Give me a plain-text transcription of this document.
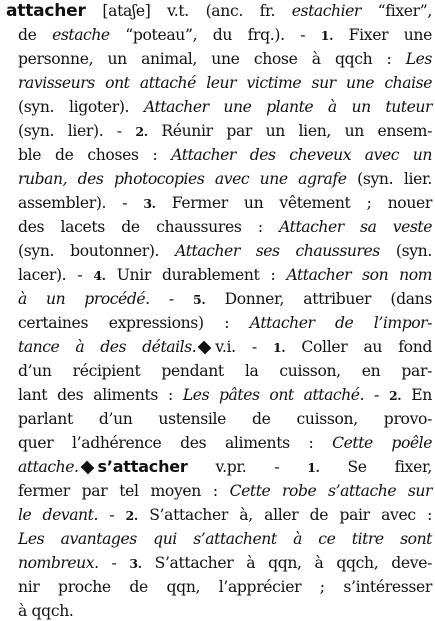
attacher [ataʃe] v.t. (anc. fr. estachier “fixer”,
de estache “poteau”, du frq.). - 1. Fixer une
personne, un animal, une chose à qqch : Les
ravisseurs ont attaché leur victime sur une chaise
(syn. ligoter). Attacher une plante à un tuteur
(syn. lier). - 2. Réunir par un lien, un ensem-
ble de choses : Attacher des cheveux avec un
ruban, des photocopies avec une agrafe (syn. lier.
assembler). - 3. Fermer un vêtement ; nouer
des lacets de chaussures : Attacher sa veste
(syn. boutonner). Attacher ses chaussures (syn.
lacer). - 4. Unir durablement : Attacher son nom
à un procédé. - 5. Donner, attribuer (dans
certaines expressions) : Attacher de l’impor-
tance à des détails. v.i. - 1. Coller au fond
d’un récipient pendant la cuisson, en par-
lant des aliments : Les pâtes ont attaché. - 2. En
parlant d’un ustensile de cuisson, provo-
quer l’adhérence des aliments : Cette poêle
attache. s’attacher v.pr. - 1. Se fixer,
fermer par tel moyen : Cette robe s’attache sur
le devant. - 2. S’attacher à, aller de pair avec :
Les avantages qui s’attachent à ce titre sont
nombreux. - 3. S’attacher à qqn, à qqch, deve-
nir proche de qqn, l’apprécier ; s’intéresser
à qqch.
